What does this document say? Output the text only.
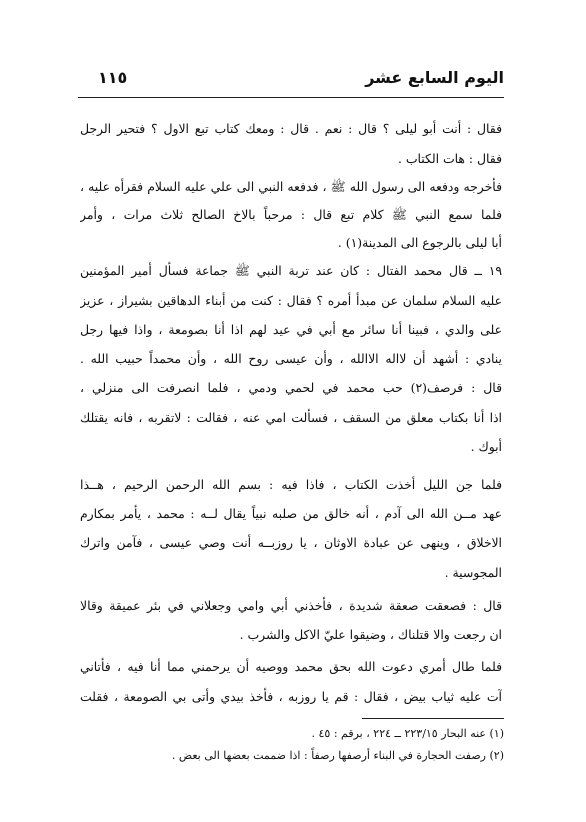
اليوم السابع عشر
١١٥
فقال : أنت أبو ليلى ؟ قال : نعم . قال : ومعك كتاب تبع الاول ؟ فتحير الرجل
فقال : هات الكتاب .
فأخرجه ودفعه الى رسول الله ﷺ ، فدفعه النبي الى علي عليه السلام فقرأه عليه ،
فلما سمع النبي ﷺ كلام تبع قال : مرحباً بالاخ الصالح ثلاث مرات ، وأمر
أبا ليلى بالرجوع الى المدينة(١) .
١٩ ــ قال محمد الفتال : كان عند تربة النبي ﷺ جماعة فسأل أمير المؤمنين
عليه السلام سلمان عن مبدأ أمره ؟ فقال : كنت من أبناء الدهاقين بشيراز ، عزيز
على والدي ، فبينا أنا سائر مع أبي في عيد لهم اذا أنا بصومعة ، واذا فيها رجل
ينادي : أشهد أن لااله الاالله ، وأن عيسى روح الله ، وأن محمداً حبيب الله .
قال : فرصف(٢) حب محمد في لحمي ودمي ، فلما انصرفت الى منزلي ،
اذا أنا بكتاب معلق من السقف ، فسألت امي عنه ، فقالت : لاتقربه ، فانه يقتلك
أبوك .
فلما جن الليل أخذت الكتاب ، فاذا فيه : بسم الله الرحمن الرحيم ، هــذا
عهد مــن الله الى آدم ، أنه خالق من صلبه نبياً يقال لــه : محمد ، يأمر بمكارم
الاخلاق ، وينهى عن عبادة الاوثان ، يا روزبــه أنت وصي عيسى ، فآمن واترك
المجوسية .
قال : فصعقت صعقة شديدة ، فأخذني أبي وامي وجعلاني في بئر عميقة وقالا
ان رجعت والا قتلناك ، وضيقوا عليّ الاكل والشرب .
فلما طال أمري دعوت الله بحق محمد ووصيه أن يرحمني مما أنا فيه ، فأتاني
آت عليه ثياب بيض ، فقال : قم يا روزبه ، فأخذ بيدي وأتى بي الصومعة ، فقلت
(١) عنه البحار ٢٢٣/١٥ ــ ٢٢٤ ، برقم : ٤٥ .
(٢) رصفت الحجارة في البناء أرصفها رصفاً : اذا ضممت بعضها الى بعض .
